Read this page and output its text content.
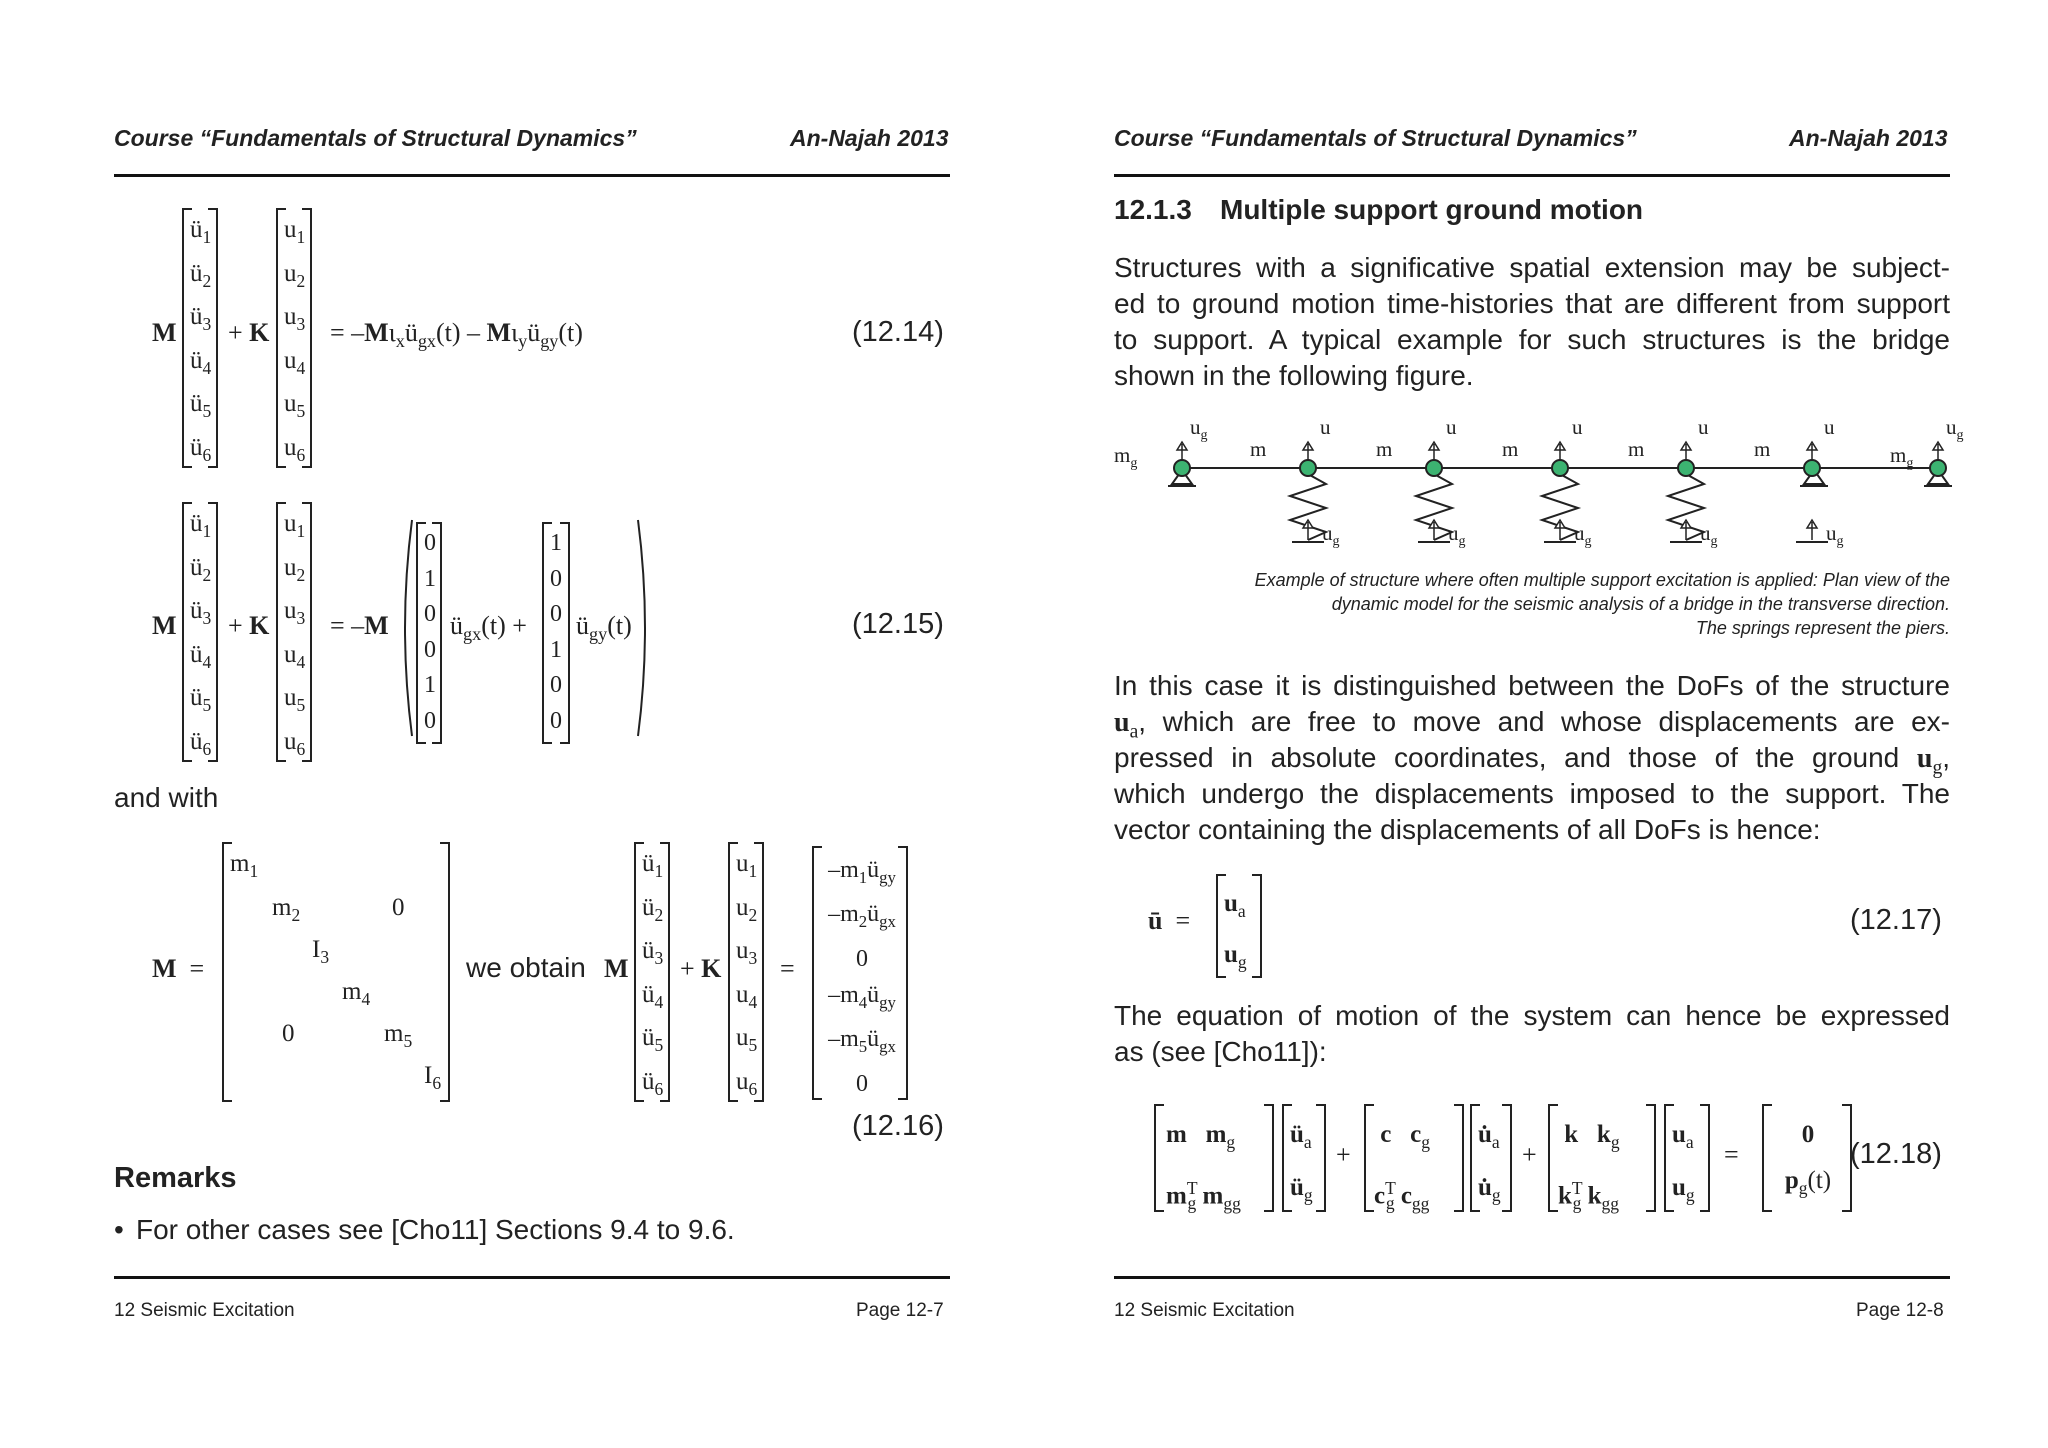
Course “Fundamentals of Structural Dynamics”	An-Najah 2013
M
$ü_1$
$ü_2$
$ü_3$
$ü_4$
$ü_5$
$ü_6$
+ K
$u_1$
$u_2$
$u_3$
$u_4$
$u_5$
$u_6$
= $-M\iota_xü_{gx}(t)$ – $M\iota_yü_{gy}(t)$	(12.14)
M
$ü_1$
$ü_2$
$ü_3$
$ü_4$
$ü_5$
$ü_6$
+ K
$u_1$
$u_2$
$u_3$
$u_4$
$u_5$
$u_6$
= –M
0
1
0
0
1
0
$ü_{gx}(t)$ +
1
0
0
1
0
0
$ü_{gy}(t)$	(12.15)
and with
M  =
$m_1$
$m_2$	0
$I_3$
$m_4$
0	$m_5$
$I_6$
we obtain M
$ü_1$
$ü_2$
$ü_3$
$ü_4$
$ü_5$
$ü_6$
+ K
$u_1$
$u_2$
$u_3$
$u_4$
$u_5$
$u_6$
=
$-m_1ü_{gy}$
$-m_2ü_{gx}$
0
$-m_4ü_{gy}$
$-m_5ü_{gx}$
0
(12.16)
Remarks
• For other cases see [Cho11] Sections 9.4 to 9.6.
12 Seismic Excitation	Page 12-7
Course “Fundamentals of Structural Dynamics”	An-Najah 2013
12.1.3 Multiple support ground motion
Structures with a significative spatial extension may be subject-
ed to ground motion time-histories that are different from support
to support. A typical example for such structures is the bridge
shown in the following figure.
$m_g$
$u_g$
m
u
m
u
m
u
m
u
m
u
$m_g$
$u_g$
$u_g$	$u_g$	$u_g$	$u_g$	$u_g$
Example of structure where often multiple support excitation is applied: Plan view of the
dynamic model for the seismic analysis of a bridge in the transverse direction.
The springs represent the piers.
In this case it is distinguished between the DoFs of the structure
$u_a$, which are free to move and whose displacements are ex-
pressed in absolute coordinates, and those of the ground $u_g$,
which undergo the displacements imposed to the support. The
vector containing the displacements of all DoFs is hence:
ū  =
$u_a$
$u_g$
(12.17)
The equation of motion of the system can hence be expressed
as (see [Cho11]):
m $m_g$
$m^T_g$ $m_{gg}$
$ü_a$
$ü_g$
+
c $c_g$
$c^T_g$ $c_{gg}$
$u̇_a$
$u̇_g$
+
k $k_g$
$k^T_g$ $k_{gg}$
$u_a$
$u_g$
=
0
$p_g(t)$
(12.18)
12 Seismic Excitation	Page 12-8
